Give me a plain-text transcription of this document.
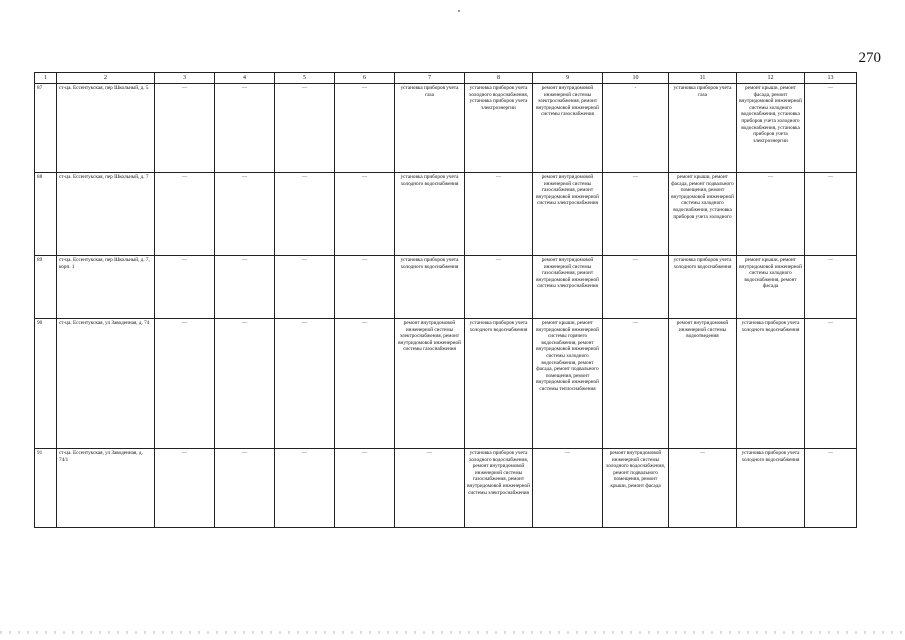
270
1	2	3	4	5	6	7	8	9	10	11	12	13
87	ст-ца. Ессентукская, пер Школьный, д. 5	—	—	—	—	установка приборов учета газа	установка приборов учета холодного водоснабжения, установка приборов учета электроэнергии	ремонт внутридомовой инженерной системы электроснабжения, ремонт внутридомовой инженерной системы газоснабжения	-	установка приборов учета газа	ремонт крыши, ремонт фасада, ремонт внутридомовой инженерной системы холодного водоснабжения, установка приборов учета холодного водоснабжения, установка приборов учета электроэнергии	—
88	ст-ца. Ессентукская, пер Школьный, д. 7	—	—	—	—	установка приборов учета холодного водоснабжения	—	ремонт внутридомовой инженерной системы газоснабжения, ремонт внутридомовой инженерной системы электроснабжения	—	ремонт крыши, ремонт фасада, ремонт подвального помещения, ремонт внутридомовой инженерной системы холодного водоснабжения, установка приборов учета холодного	—	—
89	ст-ца. Ессентукская, пер Школьный, д. 7, корп. 1	—	—	—	—	установка приборов учета холодного водоснабжения	—	ремонт внутридомовой инженерной системы газоснабжения, ремонт внутридомовой инженерной системы электроснабжения	—	установка приборов учета холодного водоснабжения	ремонт крыши, ремонт внутридомовой инженерной системы холодного водоснабжения, ремонт фасада	—
90	ст-ца. Ессентукская, ул Заводенная, д. 74	—	—	—	—	ремонт внутридомовой инженерной системы электроснабжения, ремонт внутридомовой инженерной системы газоснабжения	установка приборов учета холодного водоснабжения	ремонт крыши, ремонт внутридомовой инженерной системы горячего водоснабжения, ремонт внутридомовой инженерной системы холодного водоснабжения, ремонт фасада, ремонт подвального помещения, ремонт внутридомовой инженерной системы теплоснабжения	—	ремонт внутридомовой инженерной системы водоотведения	установка приборов учета холодного водоснабжения	—
91	ст-ца. Ессентукская, ул Заводенная, д. 74/1	—	—	—	—	—	установка приборов учета холодного водоснабжения, ремонт внутридомовой инженерной системы газоснабжения, ремонт внутридомовой инженерной системы электроснабжения	—	ремонт внутридомовой инженерной системы холодного водоснабжения, ремонт подвального помещения, ремонт крыши, ремонт фасада	—	установка приборов учета холодного водоснабжения	—
